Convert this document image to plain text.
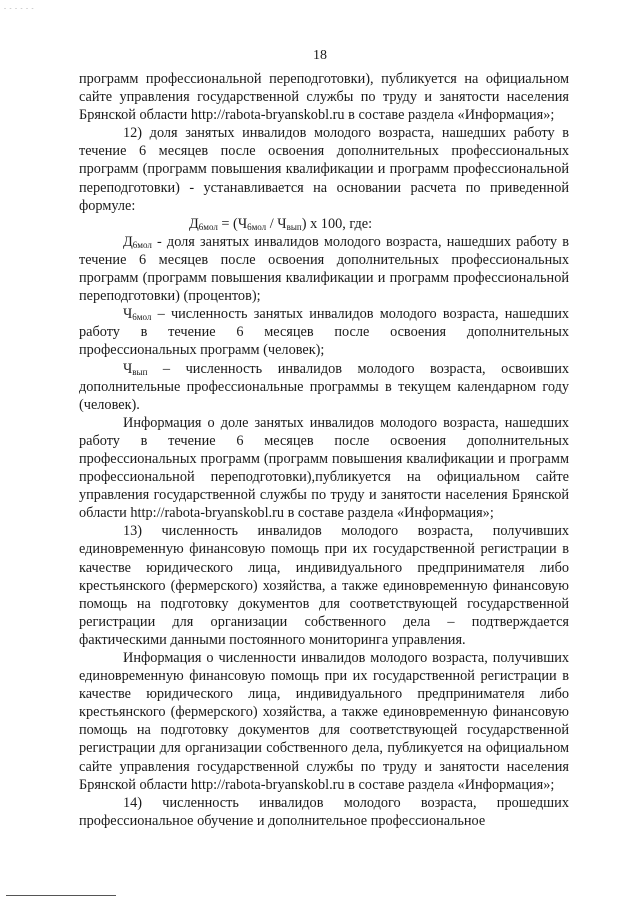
- - - - - -
18

программ профессиональной переподготовки), публикуется на официальном сайте управления государственной службы по труду и занятости населения Брянской области http://rabota-bryanskobl.ru в составе раздела «Информация»;

12) доля занятых инвалидов молодого возраста, нашедших работу в течение 6 месяцев после освоения дополнительных профессиональных программ (программ повышения квалификации и программ профессиональной переподготовки) - устанавливается на основании расчета по приведенной формуле:

$Д_{6мол} = (Ч_{6мол} / Ч_{вып})$ х 100, где:

$Д_{6мол}$ - доля занятых инвалидов молодого возраста, нашедших работу в течение 6 месяцев после освоения дополнительных профессиональных программ (программ повышения квалификации и программ профессиональной переподготовки) (процентов);

$Ч_{6мол}$ – численность занятых инвалидов молодого возраста, нашедших работу в течение 6 месяцев после освоения дополнительных профессиональных программ (человек);

$Ч_{вып}$ – численность инвалидов молодого возраста, освоивших дополнительные профессиональные программы в текущем календарном году (человек).

Информация о доле занятых инвалидов молодого возраста, нашедших работу в течение 6 месяцев после освоения дополнительных профессиональных программ (программ повышения квалификации и программ профессиональной переподготовки),публикуется на официальном сайте управления государственной службы по труду и занятости населения Брянской области http://rabota-bryanskobl.ru в составе раздела «Информация»;

13) численность инвалидов молодого возраста, получивших единовременную финансовую помощь при их государственной регистрации в качестве юридического лица, индивидуального предпринимателя либо крестьянского (фермерского) хозяйства, а также единовременную финансовую помощь на подготовку документов для соответствующей государственной регистрации для организации собственного дела – подтверждается фактическими данными постоянного мониторинга управления.

Информация о численности инвалидов молодого возраста, получивших единовременную финансовую помощь при их государственной регистрации в качестве юридического лица, индивидуального предпринимателя либо крестьянского (фермерского) хозяйства, а также единовременную финансовую помощь на подготовку документов для соответствующей государственной регистрации для организации собственного дела, публикуется на официальном сайте управления государственной службы по труду и занятости населения Брянской области http://rabota-bryanskobl.ru в составе раздела «Информация»;

14) численность инвалидов молодого возраста, прошедших профессиональное обучение и дополнительное профессиональное
